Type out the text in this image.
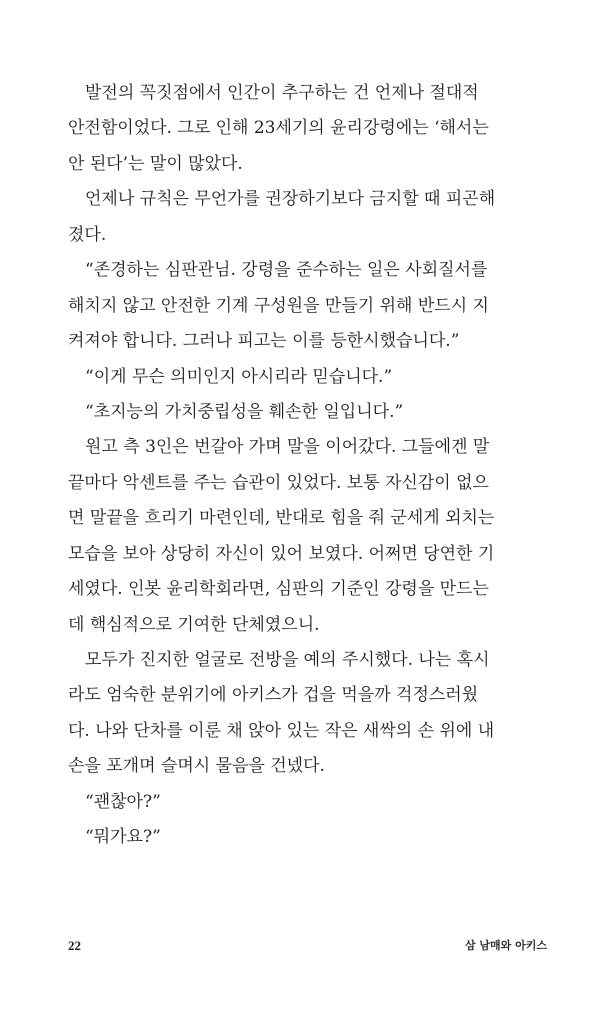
발전의 꼭짓점에서 인간이 추구하는 건 언제나 절대적
안전함이었다. 그로 인해 23세기의 윤리강령에는 ‘해서는
안 된다’는 말이 많았다.
언제나 규칙은 무언가를 권장하기보다 금지할 때 피곤해
졌다.
“존경하는 심판관님. 강령을 준수하는 일은 사회질서를
해치지 않고 안전한 기계 구성원을 만들기 위해 반드시 지
켜져야 합니다. 그러나 피고는 이를 등한시했습니다.”
“이게 무슨 의미인지 아시리라 믿습니다.”
“초지능의 가치중립성을 훼손한 일입니다.”
원고 측 3인은 번갈아 가며 말을 이어갔다. 그들에겐 말
끝마다 악센트를 주는 습관이 있었다. 보통 자신감이 없으
면 말끝을 흐리기 마련인데, 반대로 힘을 줘 군세게 외치는
모습을 보아 상당히 자신이 있어 보였다. 어쩌면 당연한 기
세였다. 인봇 윤리학회라면, 심판의 기준인 강령을 만드는
데 핵심적으로 기여한 단체였으니.
모두가 진지한 얼굴로 전방을 예의 주시했다. 나는 혹시
라도 엄숙한 분위기에 아키스가 겁을 먹을까 걱정스러웠
다. 나와 단차를 이룬 채 앉아 있는 작은 새싹의 손 위에 내
손을 포개며 슬며시 물음을 건넸다.
“괜찮아?”
“뭐가요?”
22	삼 남매와 아키스
